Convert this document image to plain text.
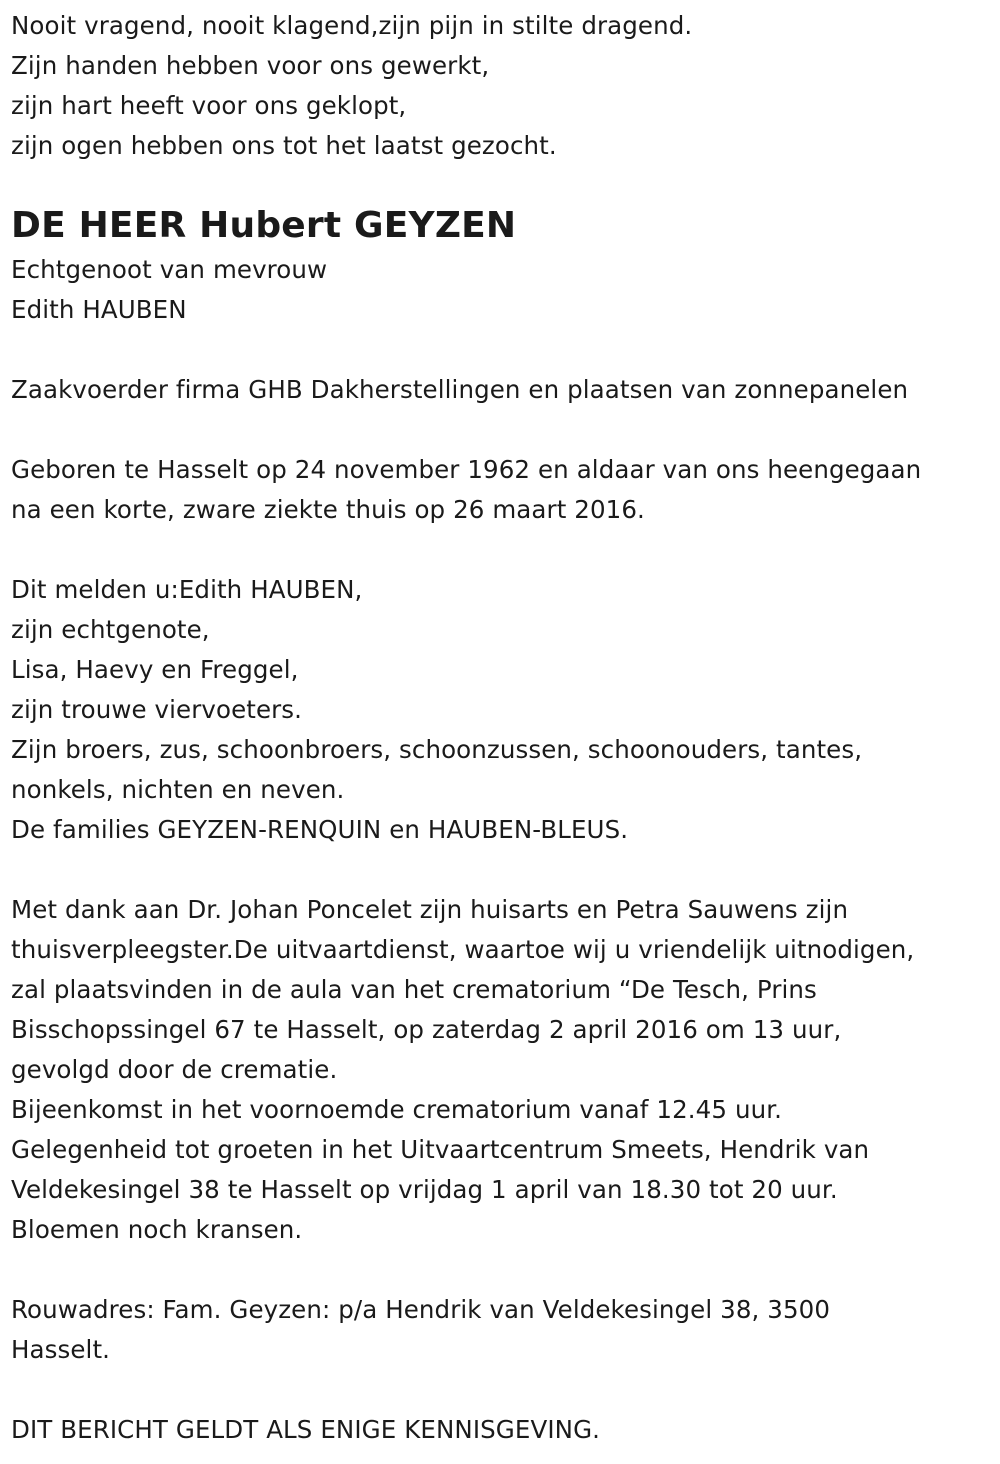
Nooit vragend, nooit klagend,zijn pijn in stilte dragend.
Zijn handen hebben voor ons gewerkt,
zijn hart heeft voor ons geklopt,
zijn ogen hebben ons tot het laatst gezocht.
DE HEER Hubert GEYZEN
Echtgenoot van mevrouw
Edith HAUBEN
Zaakvoerder firma GHB Dakherstellingen en plaatsen van zonnepanelen
Geboren te Hasselt op 24 november 1962 en aldaar van ons heengegaan
na een korte, zware ziekte thuis op 26 maart 2016.
Dit melden u:Edith HAUBEN,
zijn echtgenote,
Lisa, Haevy en Freggel,
zijn trouwe viervoeters.
Zijn broers, zus, schoonbroers, schoonzussen, schoonouders, tantes,
nonkels, nichten en neven.
De families GEYZEN-RENQUIN en HAUBEN-BLEUS.
Met dank aan Dr. Johan Poncelet zijn huisarts en Petra Sauwens zijn
thuisverpleegster.De uitvaartdienst, waartoe wij u vriendelijk uitnodigen,
zal plaatsvinden in de aula van het crematorium “De Tesch, Prins
Bisschopssingel 67 te Hasselt, op zaterdag 2 april 2016 om 13 uur,
gevolgd door de crematie.
Bijeenkomst in het voornoemde crematorium vanaf 12.45 uur.
Gelegenheid tot groeten in het Uitvaartcentrum Smeets, Hendrik van
Veldekesingel 38 te Hasselt op vrijdag 1 april van 18.30 tot 20 uur.
Bloemen noch kransen.
Rouwadres: Fam. Geyzen: p/a Hendrik van Veldekesingel 38, 3500
Hasselt.
DIT BERICHT GELDT ALS ENIGE KENNISGEVING.
